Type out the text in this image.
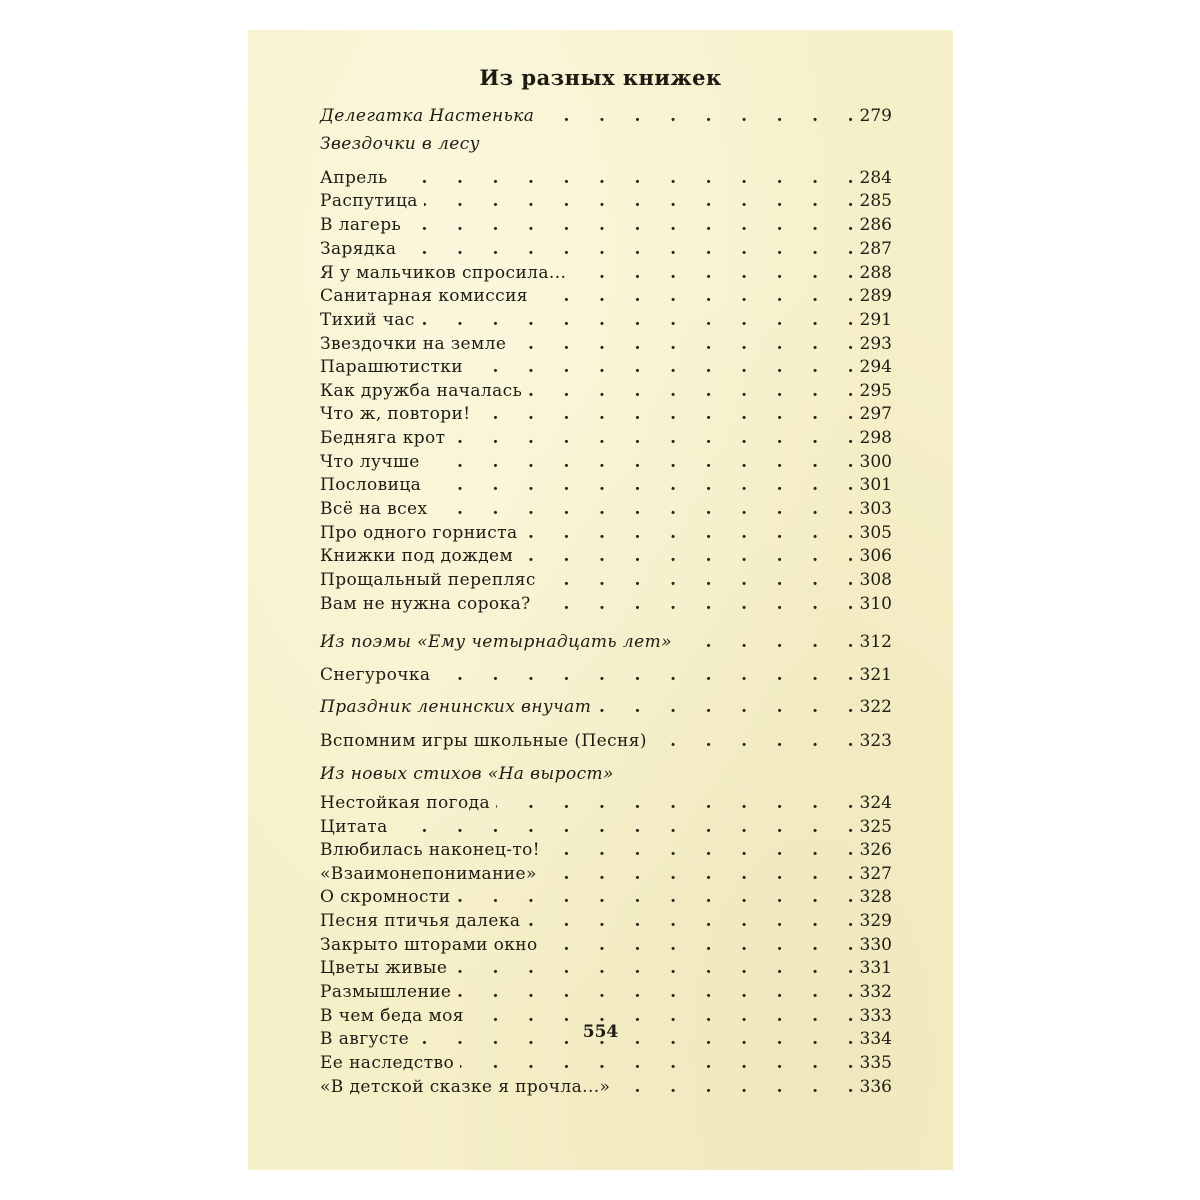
Из разных книжек
Делегатка Настенька .	279
Звездочки в лесу
Апрель .	284
Распутица .	285
В лагерь .	286
Зарядка .	287
Я у мальчиков спросила... .	288
Санитарная комиссия .	289
Тихий час .	291
Звездочки на земле .	293
Парашютистки .	294
Как дружба началась .	295
Что ж, повтори! .	297
Бедняга крот .	298
Что лучше .	300
Пословица .	301
Всё на всех .	303
Про одного горниста .	305
Книжки под дождем .	306
Прощальный перепляс .	308
Вам не нужна сорока? .	310
Из поэмы «Ему четырнадцать лет» .	312
Снегурочка .	321
Праздник ленинских внучат .	322
Вспомним игры школьные (Песня) .	323
Из новых стихов «На вырост»
Нестойкая погода .	324
Цитата .	325
Влюбилась наконец-то! .	326
«Взаимонепонимание» .	327
О скромности .	328
Песня птичья далека .	329
Закрыто шторами окно .	330
Цветы живые .	331
Размышление .	332
В чем беда моя .	333
В августе .	334
Ее наследство .	335
«В детской сказке я прочла...» .	336
554
